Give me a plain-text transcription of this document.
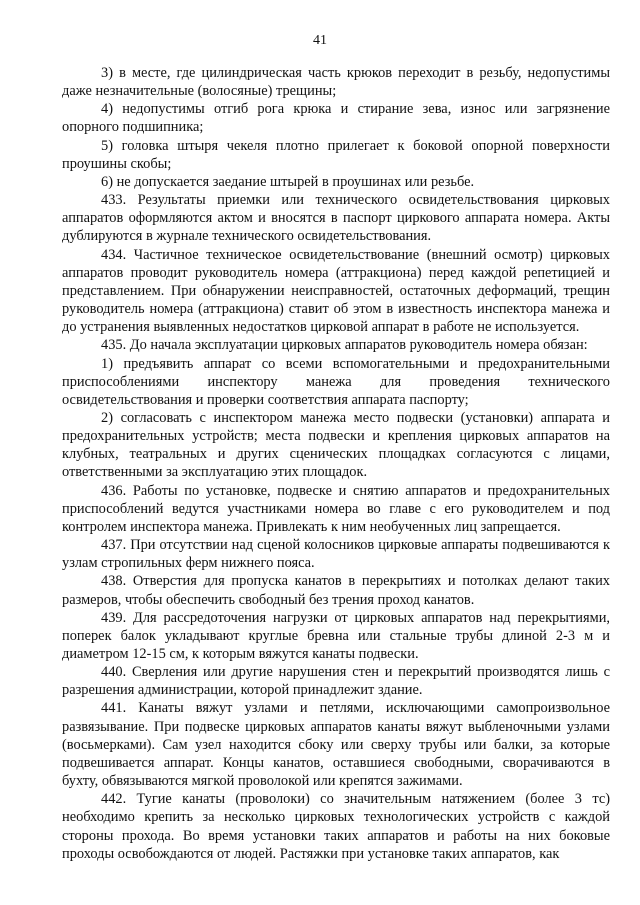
41

3) в месте, где цилиндрическая часть крюков переходит в резьбу, недопустимы даже незначительные (волосяные) трещины;

4) недопустимы отгиб рога крюка и стирание зева, износ или загрязнение опорного подшипника;

5) головка штыря чекеля плотно прилегает к боковой опорной поверхности проушины скобы;

6) не допускается заедание штырей в проушинах или резьбе.

433. Результаты приемки или технического освидетельствования цирковых аппаратов оформляются актом и вносятся в паспорт циркового аппарата номера. Акты дублируются в журнале технического освидетельствования.

434. Частичное техническое освидетельствование (внешний осмотр) цирковых аппаратов проводит руководитель номера (аттракциона) перед каждой репетицией и представлением. При обнаружении неисправностей, остаточных деформаций, трещин руководитель номера (аттракциона) ставит об этом в известность инспектора манежа и до устранения выявленных недостатков цирковой аппарат в работе не используется.

435. До начала эксплуатации цирковых аппаратов руководитель номера обязан:

1) предъявить аппарат со всеми вспомогательными и предохранительными приспособлениями инспектору манежа для проведения технического освидетельствования и проверки соответствия аппарата паспорту;

2) согласовать с инспектором манежа место подвески (установки) аппарата и предохранительных устройств; места подвески и крепления цирковых аппаратов на клубных, театральных и других сценических площадках согласуются с лицами, ответственными за эксплуатацию этих площадок.

436. Работы по установке, подвеске и снятию аппаратов и предохранительных приспособлений ведутся участниками номера во главе с его руководителем и под контролем инспектора манежа. Привлекать к ним необученных лиц запрещается.

437. При отсутствии над сценой колосников цирковые аппараты подвешиваются к узлам стропильных ферм нижнего пояса.

438. Отверстия для пропуска канатов в перекрытиях и потолках делают таких размеров, чтобы обеспечить свободный без трения проход канатов.

439. Для рассредоточения нагрузки от цирковых аппаратов над перекрытиями, поперек балок укладывают круглые бревна или стальные трубы длиной 2-3 м и диаметром 12-15 см, к которым вяжутся канаты подвески.

440. Сверления или другие нарушения стен и перекрытий производятся лишь с разрешения администрации, которой принадлежит здание.

441. Канаты вяжут узлами и петлями, исключающими самопроизвольное развязывание. При подвеске цирковых аппаратов канаты вяжут выбленочными узлами (восьмерками). Сам узел находится сбоку или сверху трубы или балки, за которые подвешивается аппарат. Концы канатов, оставшиеся свободными, сворачиваются в бухту, обвязываются мягкой проволокой или крепятся зажимами.

442. Тугие канаты (проволоки) со значительным натяжением (более 3 тс) необходимо крепить за несколько цирковых технологических устройств с каждой стороны прохода. Во время установки таких аппаратов и работы на них боковые проходы освобождаются от людей. Растяжки при установке таких аппаратов, как
